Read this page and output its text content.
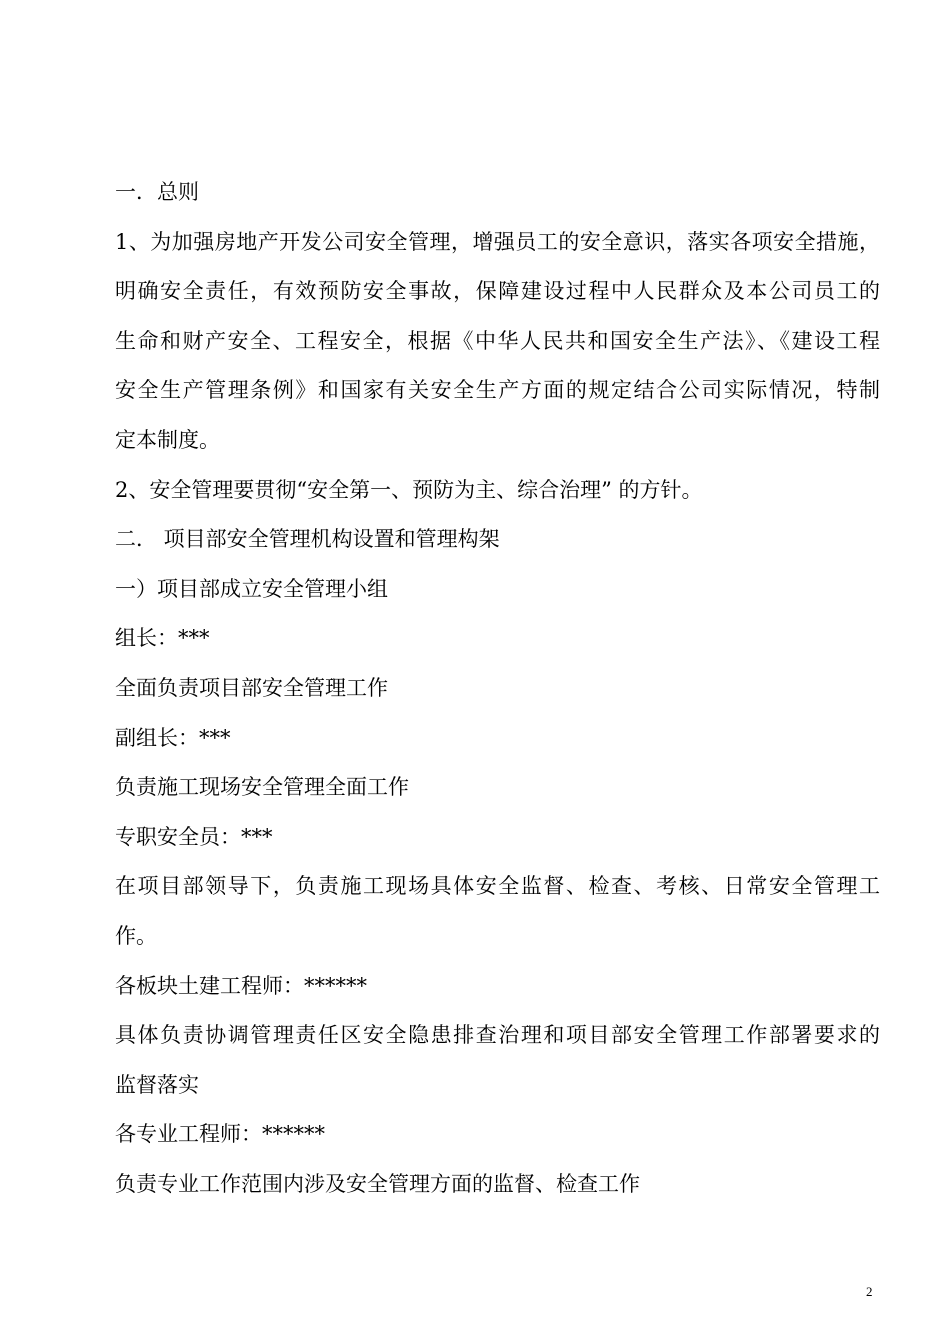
一．总则
1、为加强房地产开发公司安全管理，增强员工的安全意识，落实各项安全措施，
明确安全责任，有效预防安全事故，保障建设过程中人民群众及本公司员工的
生命和财产安全、工程安全，根据《中华人民共和国安全生产法》、《建设工程
安全生产管理条例》和国家有关安全生产方面的规定结合公司实际情况，特制
定本制度。
2、安全管理要贯彻“安全第一、预防为主、综合治理” 的方针。
二． 项目部安全管理机构设置和管理构架
一）项目部成立安全管理小组
组长：***
全面负责项目部安全管理工作
副组长：***
负责施工现场安全管理全面工作
专职安全员：***
在项目部领导下，负责施工现场具体安全监督、检查、考核、日常安全管理工
作。
各板块土建工程师：******
具体负责协调管理责任区安全隐患排查治理和项目部安全管理工作部署要求的
监督落实
各专业工程师：******
负责专业工作范围内涉及安全管理方面的监督、检查工作
2
